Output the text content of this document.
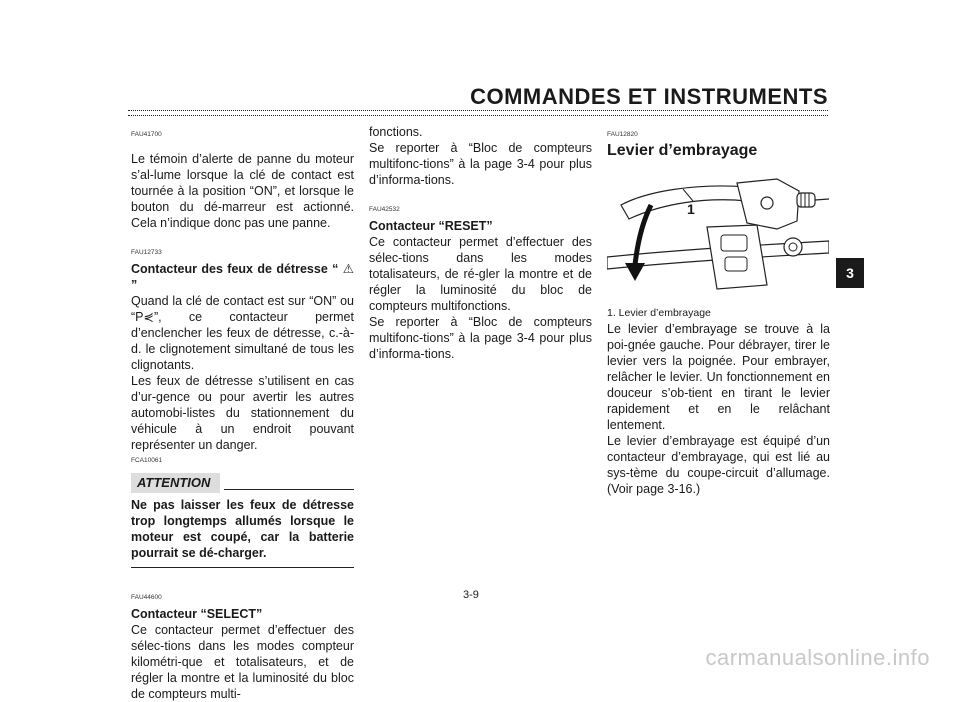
COMMANDES ET INSTRUMENTS
3

FAU41700

Le témoin d’alerte de panne du moteur s’al-lume lorsque la clé de contact est tournée à la position “ON”, et lorsque le bouton du dé-marreur est actionné. Cela n’indique donc pas une panne.

FAU12733

Contacteur des feux de détresse “ ⚠ ”

Quand la clé de contact est sur “ON” ou “P⋞”, ce contacteur permet d’enclencher les feux de détresse, c.-à-d. le clignotement simultané de tous les clignotants.

Les feux de détresse s’utilisent en cas d’ur-gence ou pour avertir les autres automobi-listes du stationnement du véhicule à un endroit pouvant représenter un danger.

FCA10061

ATTENTION

Ne pas laisser les feux de détresse trop longtemps allumés lorsque le moteur est coupé, car la batterie pourrait se dé-charger.

FAU44600

Contacteur “SELECT”

Ce contacteur permet d’effectuer des sélec-tions dans les modes compteur kilométri-que et totalisateurs, et de régler la montre et la luminosité du bloc de compteurs multi-

fonctions.

Se reporter à “Bloc de compteurs multifonc-tions” à la page 3-4 pour plus d’informa-tions.

FAU42532

Contacteur “RESET”

Ce contacteur permet d’effectuer des sélec-tions dans les modes totalisateurs, de ré-gler la montre et de régler la luminosité du bloc de compteurs multifonctions.

Se reporter à “Bloc de compteurs multifonc-tions” à la page 3-4 pour plus d’informa-tions.

FAU12820

Levier d’embrayage

1

1. Levier d’embrayage

Le levier d’embrayage se trouve à la poi-gnée gauche. Pour débrayer, tirer le levier vers la poignée. Pour embrayer, relâcher le levier. Un fonctionnement en douceur s’ob-tient en tirant le levier rapidement et en le relâchant lentement.

Le levier d’embrayage est équipé d’un contacteur d’embrayage, qui est lié au sys-tème du coupe-circuit d’allumage. (Voir page 3-16.)

3-9
carmanualsonline.info
